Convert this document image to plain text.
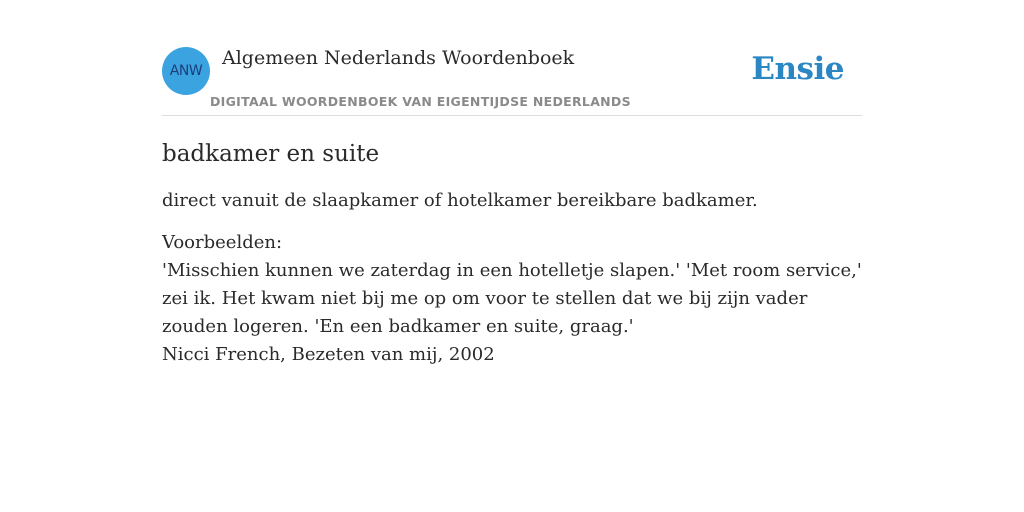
ANW
Algemeen Nederlands Woordenboek
DIGITAAL WOORDENBOEK VAN EIGENTIJDSE NEDERLANDS
Ensie
badkamer en suite
direct vanuit de slaapkamer of hotelkamer bereikbare badkamer.
Voorbeelden:
'Misschien kunnen we zaterdag in een hotelletje slapen.' 'Met room service,' zei ik. Het kwam niet bij me op om voor te stellen dat we bij zijn vader zouden logeren. 'En een badkamer en suite, graag.'
Nicci French, Bezeten van mij, 2002
